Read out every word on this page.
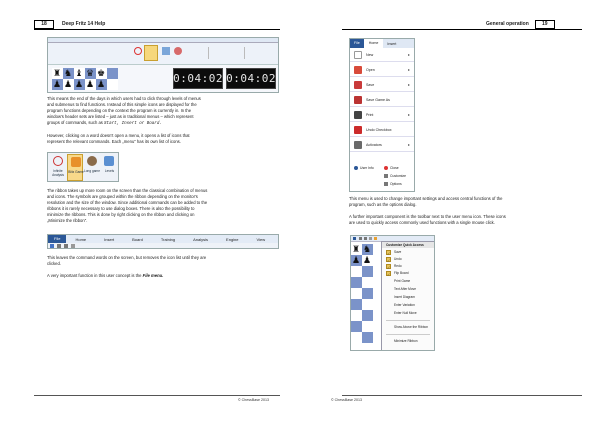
18	Deep Fritz 14 Help
♜ ♞ ♝ ♛ ♚
♟ ♟ ♟ ♟ ♟	0:04:02 0:04:02
This means the end of the days in which users had to click through levels of menus
and submenus to find functions. Instead of this simple icons are displayed for the
program functions depending on the context the program is currently in. In the
window's header sets are listed – just as in traditional menus – which represent
groups of commands, such as Start, Insert or Board.
However, clicking on a word doesn't open a menu, it opens a list of icons that
represent the relevant commands. Each „menu" has its own list of icons.
Infinite Analysis
Blitz Game Long game	Levels
The ribbon takes up more room on the screen than the classical combination of menus
and icons. The symbols are grouped within the ribbon depending on the monitor's
resolution and the size of the window. Since additional commands can be added to the
ribbons it is rarely necessary to use dialog boxes. There is also the possibility to
minimize the ribbons. This is done by right clicking on the ribbon and clicking on
„Minimize the ribbon".
File	Home	Insert	Board	Training	Analysis	Engine	View
This leaves the command words on the screen, but removes the icon list until they are
clicked.
A very important function in this user concept is the File menu.
© ChessBase 2013
General operation	19
File	Home	Insert
New	▸
Open	▸
Save	▸
Save Game As
Print	▸
Undo Checkbox
Activators	▸
User Info	Close
Customize
Options
This menu is used to change important settings and access central functions of the
program, such as the options dialog.
A further important component is the toolbar next to the user menu icon. These icons
are used to quickly access commonly used functions with a single mouse click.
♜ ♞
♟ ♟
Customize Quick Access
✓ Save
✓ Undo
✓ Redo
✓ Flip Board
Print Game
Text After Move
Insert Diagram
Enter Variation
Enter Null Move
Show Above the Ribbon
Minimize Ribbon
© ChessBase 2013
